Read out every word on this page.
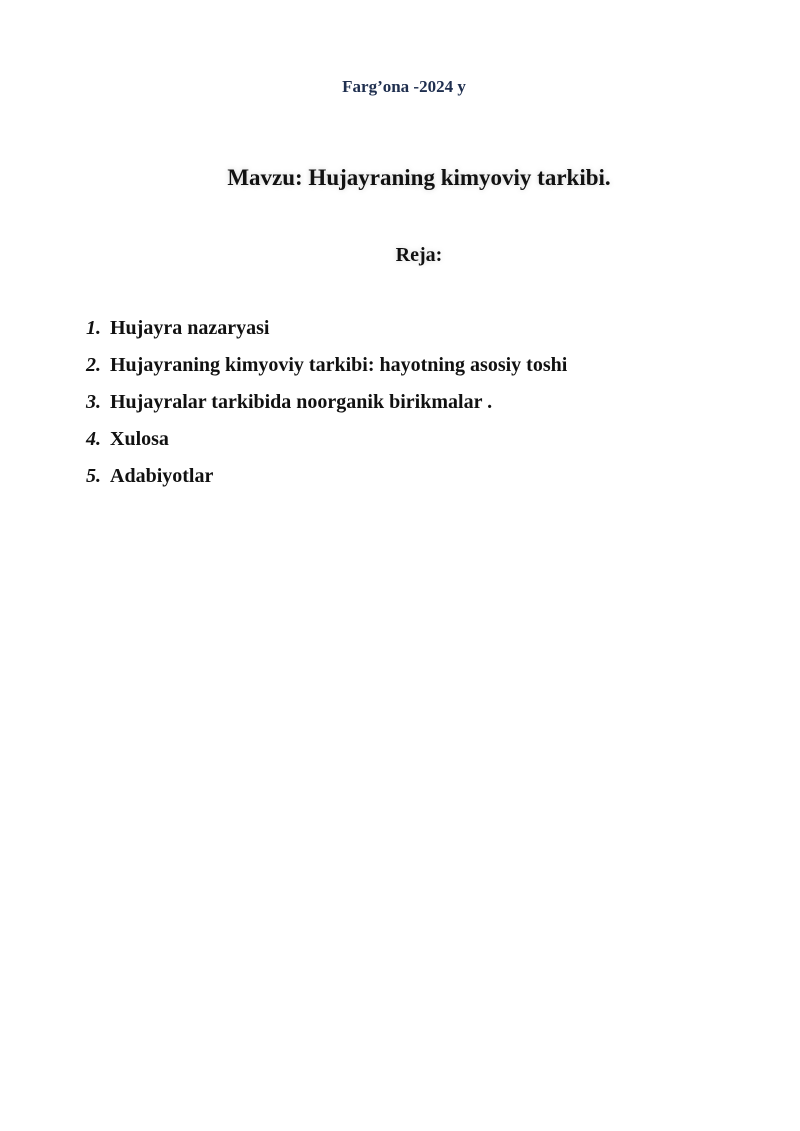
Farg’ona -2024 y
Mavzu: Hujayraning kimyoviy tarkibi.
Reja:
1. Hujayra nazaryasi
2. Hujayraning kimyoviy tarkibi: hayotning asosiy toshi
3. Hujayralar tarkibida noorganik birikmalar .
4. Xulosa
5. Adabiyotlar
